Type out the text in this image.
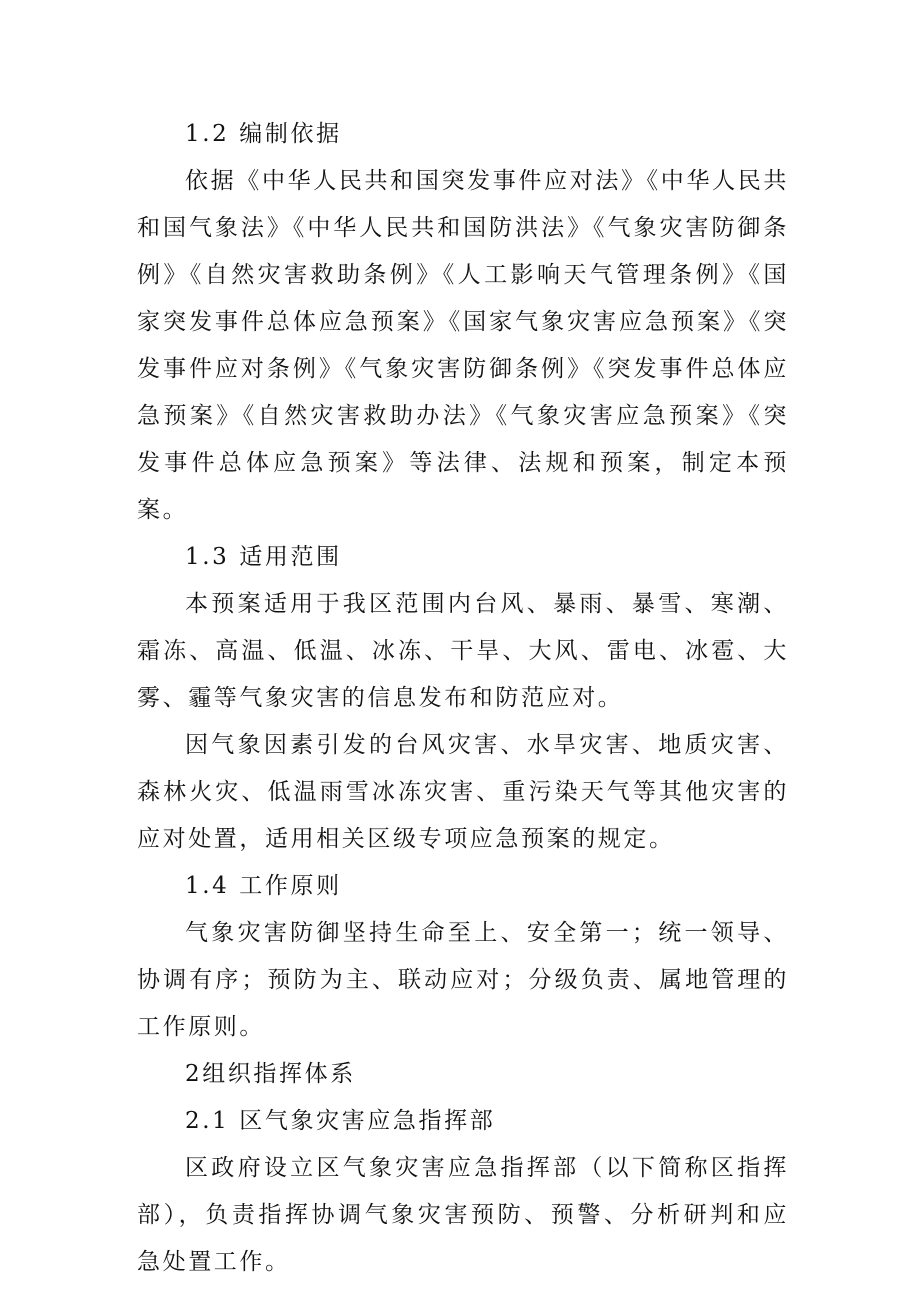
1.2 编制依据

依据《中华人民共和国突发事件应对法》《中华人民共和国气象法》《中华人民共和国防洪法》《气象灾害防御条例》《自然灾害救助条例》《人工影响天气管理条例》《国家突发事件总体应急预案》《国家气象灾害应急预案》《突发事件应对条例》《气象灾害防御条例》《突发事件总体应急预案》《自然灾害救助办法》《气象灾害应急预案》《突发事件总体应急预案》等法律、法规和预案，制定本预案。

1.3 适用范围

本预案适用于我区范围内台风、暴雨、暴雪、寒潮、霜冻、高温、低温、冰冻、干旱、大风、雷电、冰雹、大雾、霾等气象灾害的信息发布和防范应对。

因气象因素引发的台风灾害、水旱灾害、地质灾害、森林火灾、低温雨雪冰冻灾害、重污染天气等其他灾害的应对处置，适用相关区级专项应急预案的规定。

1.4 工作原则

气象灾害防御坚持生命至上、安全第一；统一领导、协调有序；预防为主、联动应对；分级负责、属地管理的工作原则。

2组织指挥体系

2.1 区气象灾害应急指挥部

区政府设立区气象灾害应急指挥部（以下简称区指挥部），负责指挥协调气象灾害预防、预警、分析研判和应急处置工作。
